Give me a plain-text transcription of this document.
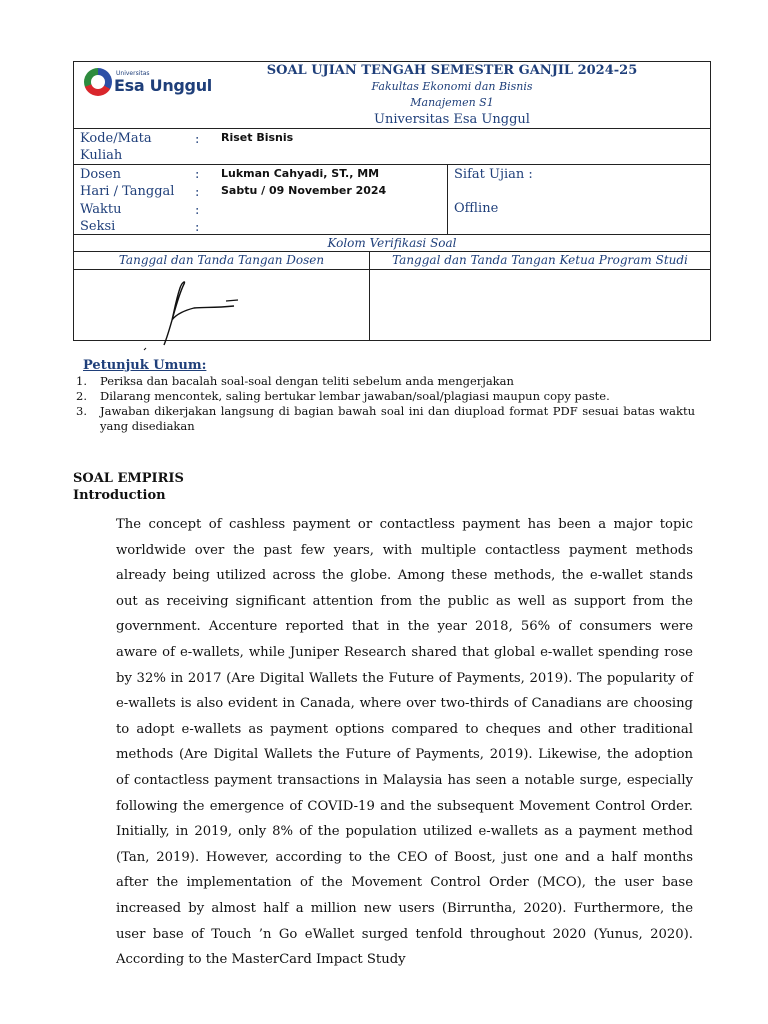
Universitas
Esa Unggul
SOAL UJIAN TENGAH SEMESTER GANJIL 2024-25
Fakultas Ekonomi dan Bisnis
Manajemen S1
Universitas Esa Unggul
Kode/Mata
Kuliah
: Riset Bisnis
Dosen	: Lukman Cahyadi, ST., MM
Hari / Tanggal : Sabtu / 09 November 2024
Waktu	:
Seksi	:
Sifat Ujian :
Offline
Kolom Verifikasi Soal
Tanggal dan Tanda Tangan Dosen	Tanggal dan Tanda Tangan Ketua Program Studi
Petunjuk Umum:
1. Periksa dan bacalah soal-soal dengan teliti sebelum anda mengerjakan
2. Dilarang mencontek, saling bertukar lembar jawaban/soal/plagiasi maupun copy paste.
3. Jawaban dikerjakan langsung di bagian bawah soal ini dan diupload format PDF sesuai batas waktu yang disediakan
SOAL EMPIRIS
Introduction

The concept of cashless payment or contactless payment has been a major topic worldwide over the past few years, with multiple contactless payment methods already being utilized across the globe. Among these methods, the e-wallet stands out as receiving significant attention from the public as well as support from the government. Accenture reported that in the year 2018, 56% of consumers were aware of e-wallets, while Juniper Research shared that global e-wallet spending rose by 32% in 2017 (Are Digital Wallets the Future of Payments, 2019). The popularity of e-wallets is also evident in Canada, where over two-thirds of Canadians are choosing to adopt e-wallets as payment options compared to cheques and other traditional methods (Are Digital Wallets the Future of Payments, 2019). Likewise, the adoption of contactless payment transactions in Malaysia has seen a notable surge, especially following the emergence of COVID-19 and the subsequent Movement Control Order. Initially, in 2019, only 8% of the population utilized e-wallets as a payment method (Tan, 2019). However, according to the CEO of Boost, just one and a half months after the implementation of the Movement Control Order (MCO), the user base increased by almost half a million new users (Birruntha, 2020). Furthermore, the user base of Touch ’n Go eWallet surged tenfold throughout 2020 (Yunus, 2020). According to the MasterCard Impact Study
